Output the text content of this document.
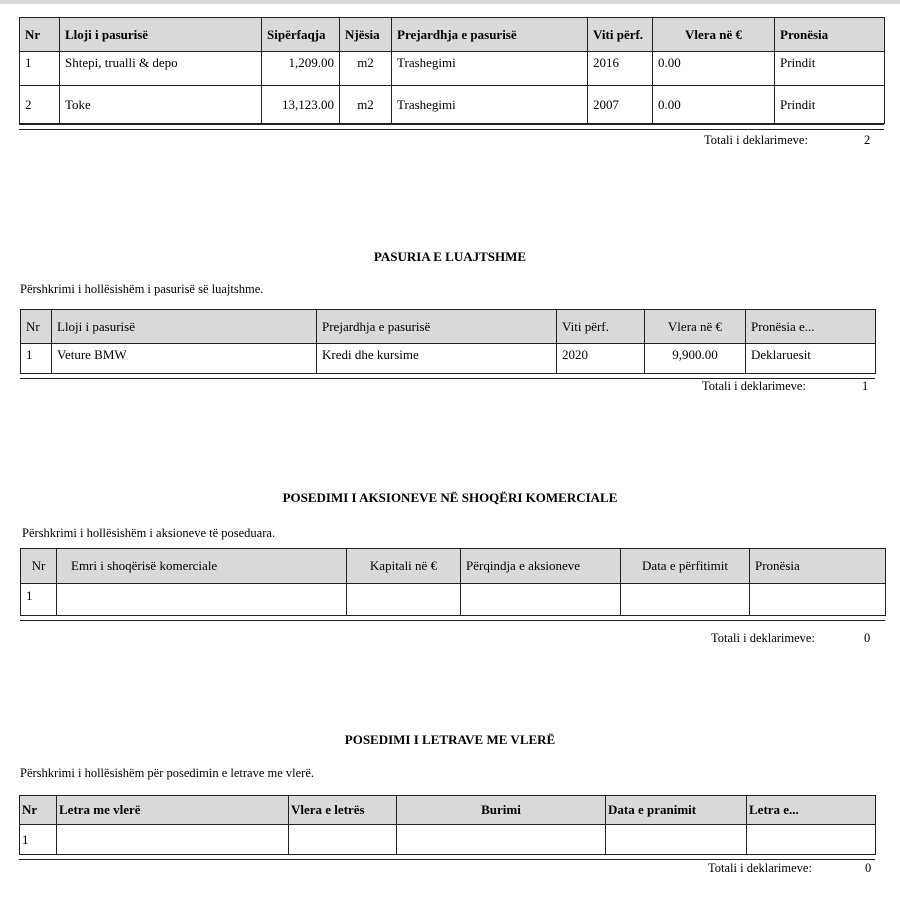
Nr	Lloji i pasurisë	Sipërfaqja	Njësia	Prejardhja e pasurisë	Viti përf.	Vlera në €	Pronësia
1	Shtepi, trualli & depo	1,209.00	m2	Trashegimi	2016	0.00	Prindit
2	Toke	13,123.00	m2	Trashegimi	2007	0.00	Prindit
Totali i deklarimeve:	2
PASURIA E LUAJTSHME
Përshkrimi i hollësishëm i pasurisë së luajtshme.
Nr	Lloji i pasurisë	Prejardhja e pasurisë	Viti përf.	Vlera në €	Pronësia e...
1	Veture BMW	Kredi dhe kursime	2020	9,900.00	Deklaruesit
Totali i deklarimeve:	1
POSEDIMI I AKSIONEVE NË SHOQËRI KOMERCIALE
Përshkrimi i hollësishëm i aksioneve të poseduara.
Nr	Emri i shoqërisë komerciale	Kapitali në €	Përqindja e aksioneve	Data e përfitimit	Pronësia
1					
Totali i deklarimeve:	0
POSEDIMI I LETRAVE ME VLERË
Përshkrimi i hollësishëm për posedimin e letrave me vlerë.
Nr	Letra me vlerë	Vlera e letrës	Burimi	Data e pranimit	Letra e...
1					
Totali i deklarimeve:	0
